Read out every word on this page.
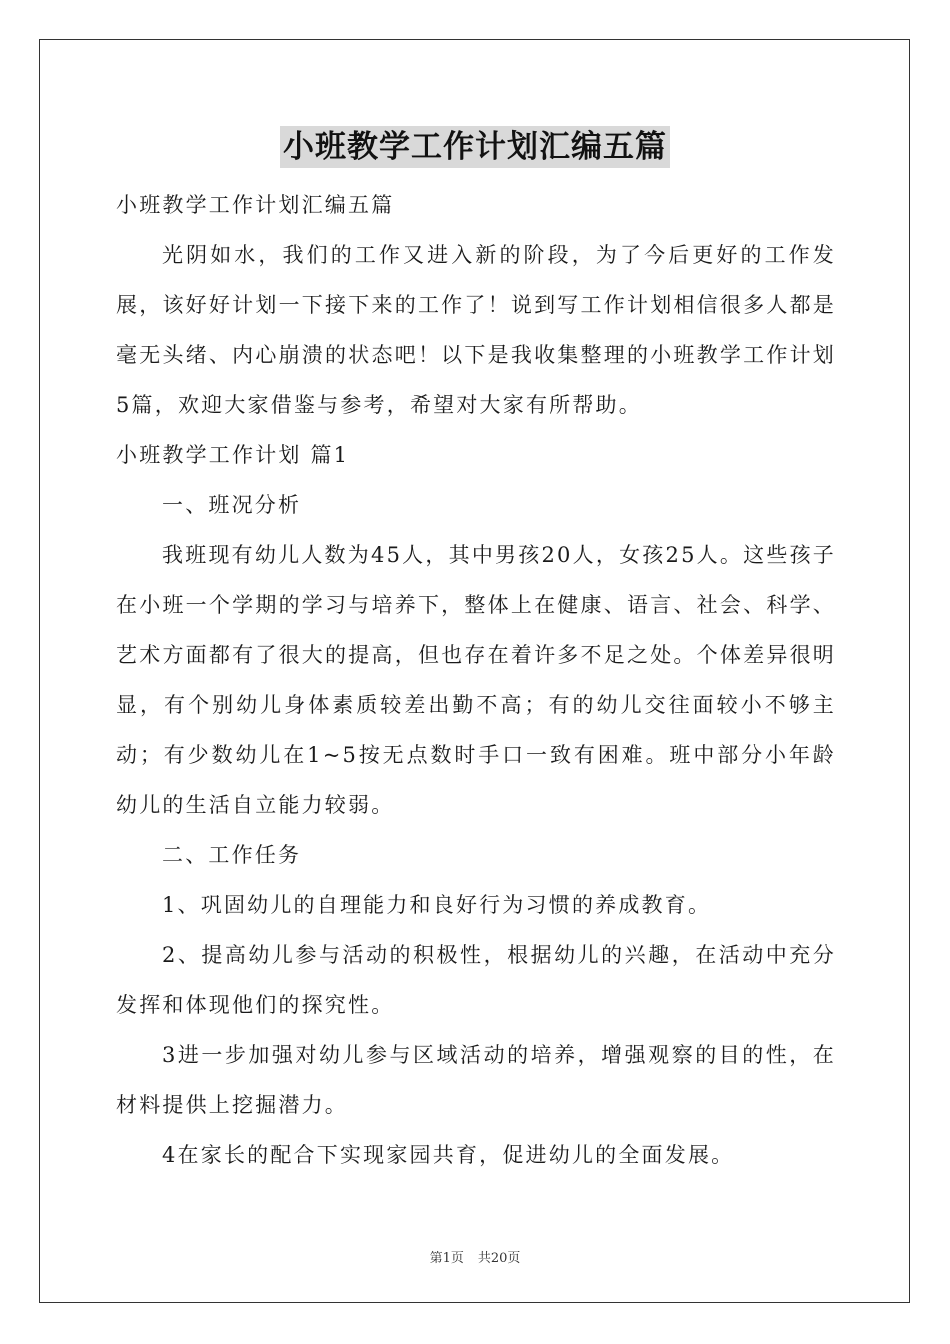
小班教学工作计划汇编五篇

小班教学工作计划汇编五篇

光阴如水，我们的工作又进入新的阶段，为了今后更好的工作发展，该好好计划一下接下来的工作了！说到写工作计划相信很多人都是毫无头绪、内心崩溃的状态吧！以下是我收集整理的小班教学工作计划5篇，欢迎大家借鉴与参考，希望对大家有所帮助。

小班教学工作计划 篇1

一、班况分析

我班现有幼儿人数为45人，其中男孩20人，女孩25人。这些孩子在小班一个学期的学习与培养下，整体上在健康、语言、社会、科学、艺术方面都有了很大的提高，但也存在着许多不足之处。个体差异很明显，有个别幼儿身体素质较差出勤不高；有的幼儿交往面较小不够主动；有少数幼儿在1~5按无点数时手口一致有困难。班中部分小年龄幼儿的生活自立能力较弱。

二、工作任务

1、巩固幼儿的自理能力和良好行为习惯的养成教育。

2、提高幼儿参与活动的积极性，根据幼儿的兴趣，在活动中充分发挥和体现他们的探究性。

3进一步加强对幼儿参与区域活动的培养，增强观察的目的性，在材料提供上挖掘潜力。

4在家长的配合下实现家园共育，促进幼儿的全面发展。

第1页 共20页
